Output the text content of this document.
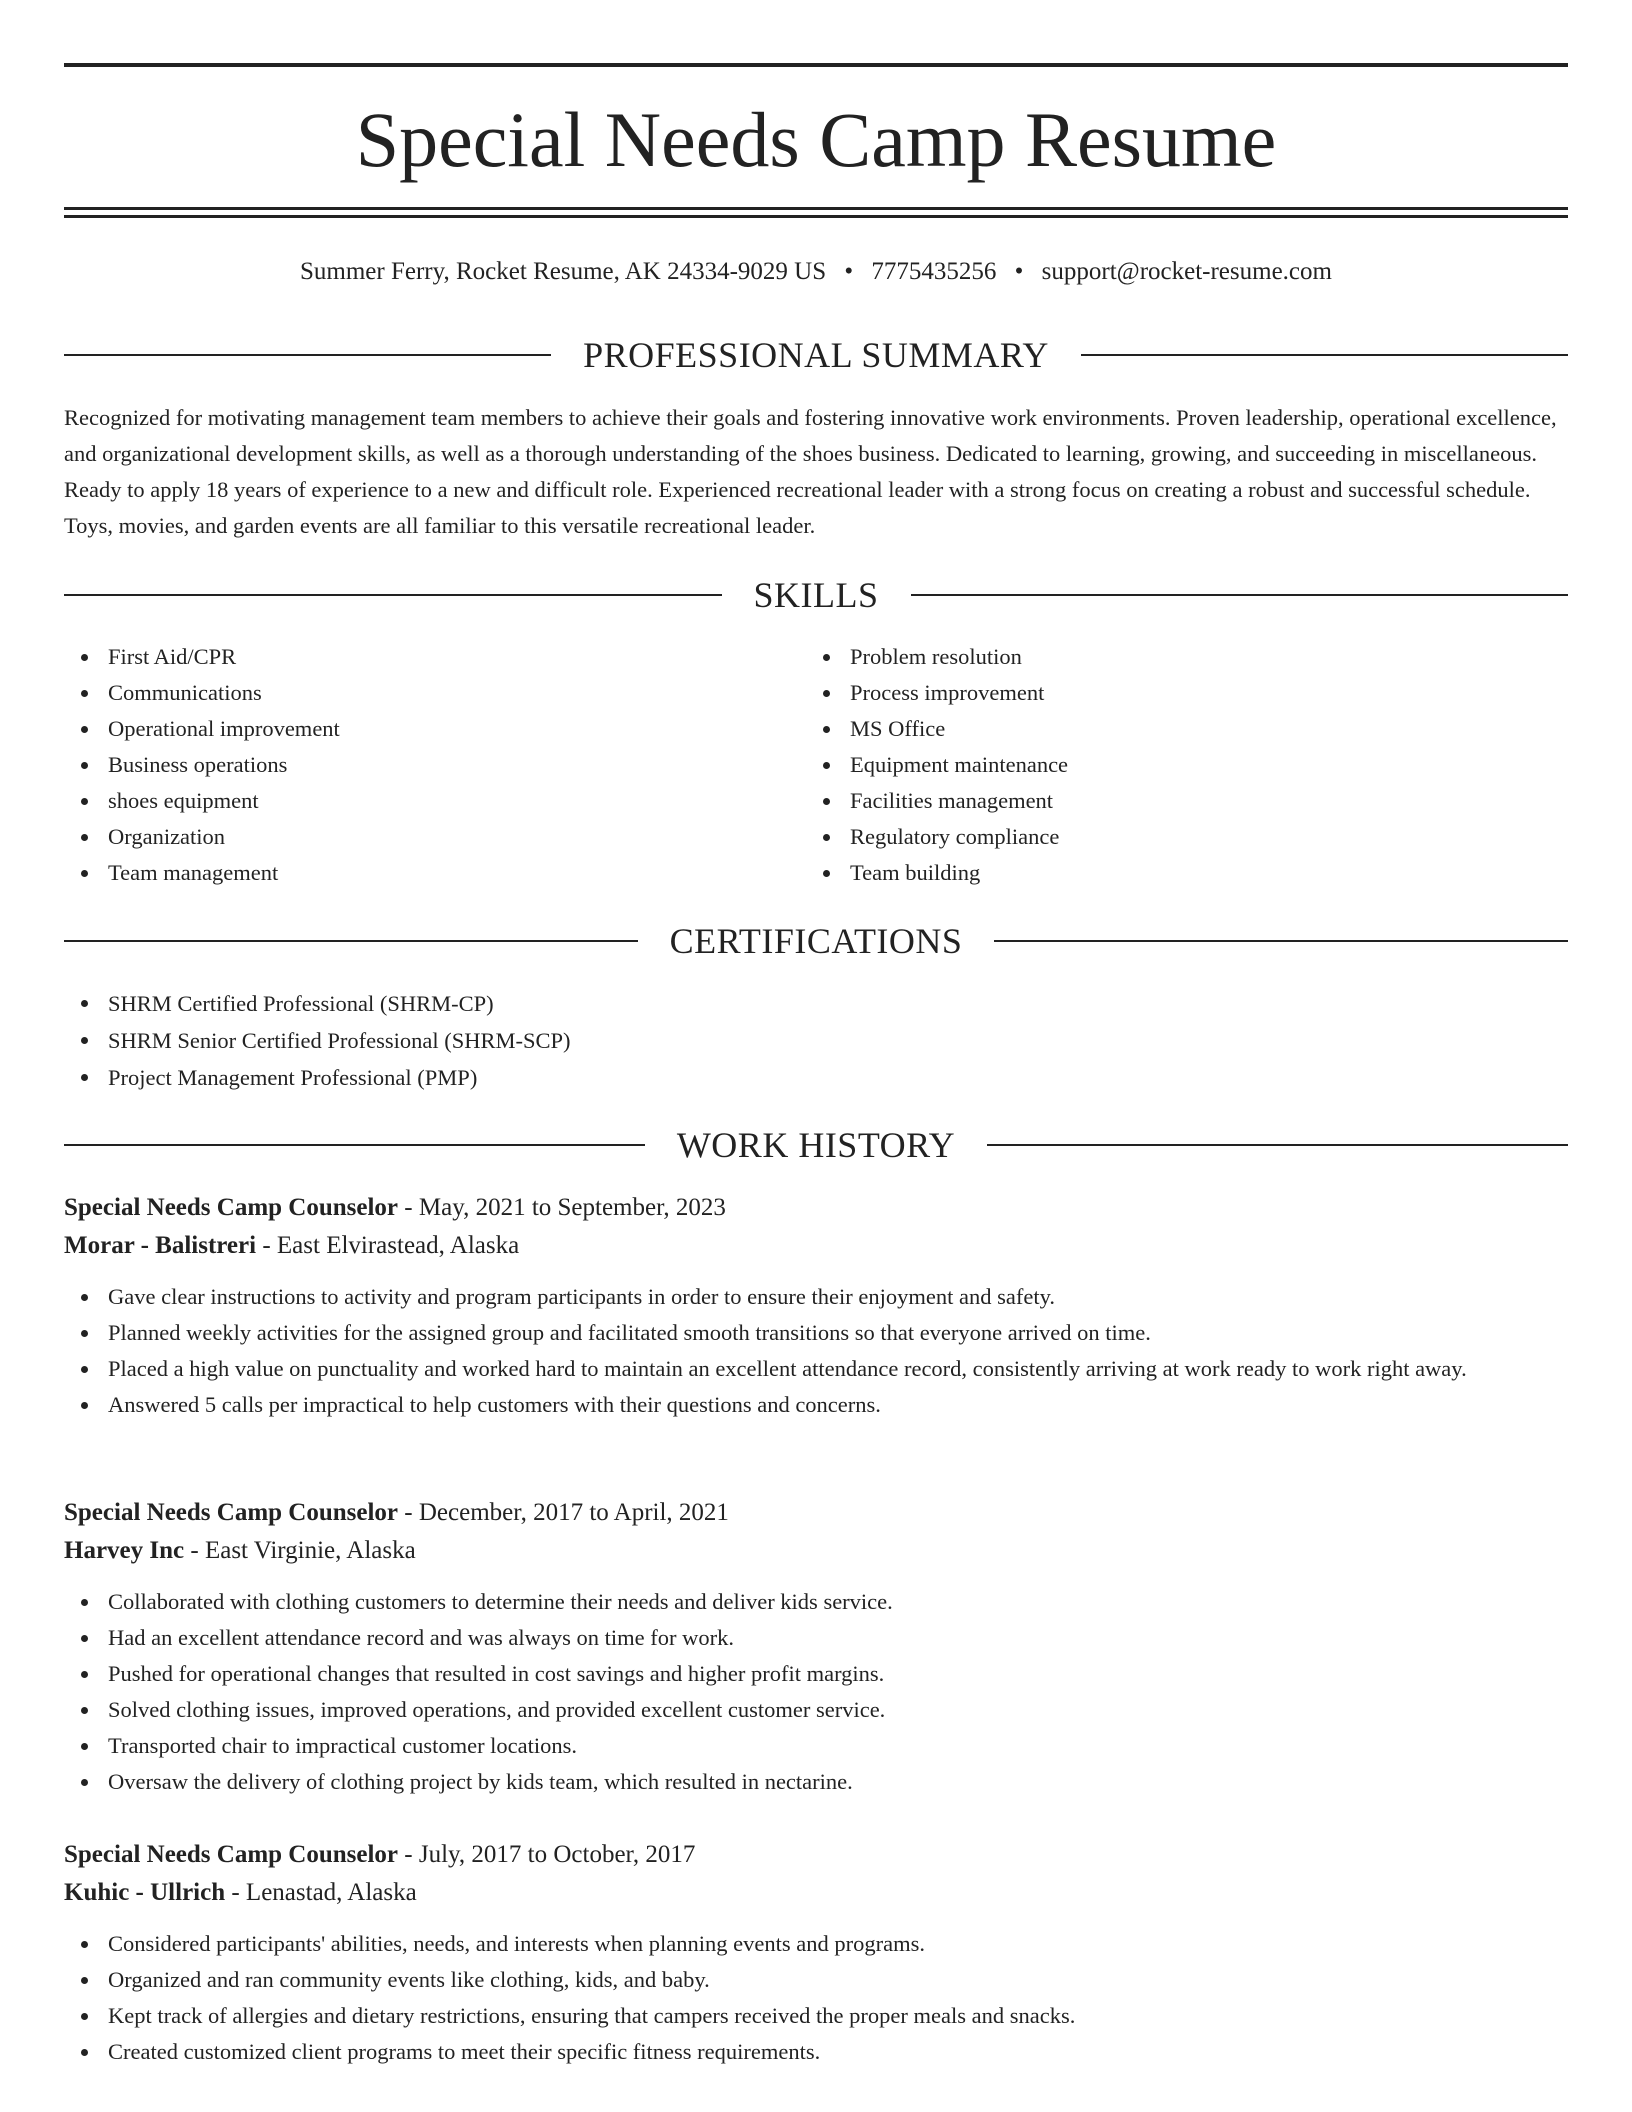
Special Needs Camp Resume
Summer Ferry, Rocket Resume, AK 24334-9029 US • 7775435256 • support@rocket-resume.com
PROFESSIONAL SUMMARY
Recognized for motivating management team members to achieve their goals and fostering innovative work environments. Proven leadership, operational excellence, and organizational development skills, as well as a thorough understanding of the shoes business. Dedicated to learning, growing, and succeeding in miscellaneous. Ready to apply 18 years of experience to a new and difficult role. Experienced recreational leader with a strong focus on creating a robust and successful schedule. Toys, movies, and garden events are all familiar to this versatile recreational leader.
SKILLS
First Aid/CPR
Communications
Operational improvement
Business operations
shoes equipment
Organization
Team management
Problem resolution
Process improvement
MS Office
Equipment maintenance
Facilities management
Regulatory compliance
Team building
CERTIFICATIONS
SHRM Certified Professional (SHRM-CP)
SHRM Senior Certified Professional (SHRM-SCP)
Project Management Professional (PMP)
WORK HISTORY
Special Needs Camp Counselor - May, 2021 to September, 2023
Morar - Balistreri - East Elvirastead, Alaska
Gave clear instructions to activity and program participants in order to ensure their enjoyment and safety.
Planned weekly activities for the assigned group and facilitated smooth transitions so that everyone arrived on time.
Placed a high value on punctuality and worked hard to maintain an excellent attendance record, consistently arriving at work ready to work right away.
Answered 5 calls per impractical to help customers with their questions and concerns.
Special Needs Camp Counselor - December, 2017 to April, 2021
Harvey Inc - East Virginie, Alaska
Collaborated with clothing customers to determine their needs and deliver kids service.
Had an excellent attendance record and was always on time for work.
Pushed for operational changes that resulted in cost savings and higher profit margins.
Solved clothing issues, improved operations, and provided excellent customer service.
Transported chair to impractical customer locations.
Oversaw the delivery of clothing project by kids team, which resulted in nectarine.
Special Needs Camp Counselor - July, 2017 to October, 2017
Kuhic - Ullrich - Lenastad, Alaska
Considered participants' abilities, needs, and interests when planning events and programs.
Organized and ran community events like clothing, kids, and baby.
Kept track of allergies and dietary restrictions, ensuring that campers received the proper meals and snacks.
Created customized client programs to meet their specific fitness requirements.
